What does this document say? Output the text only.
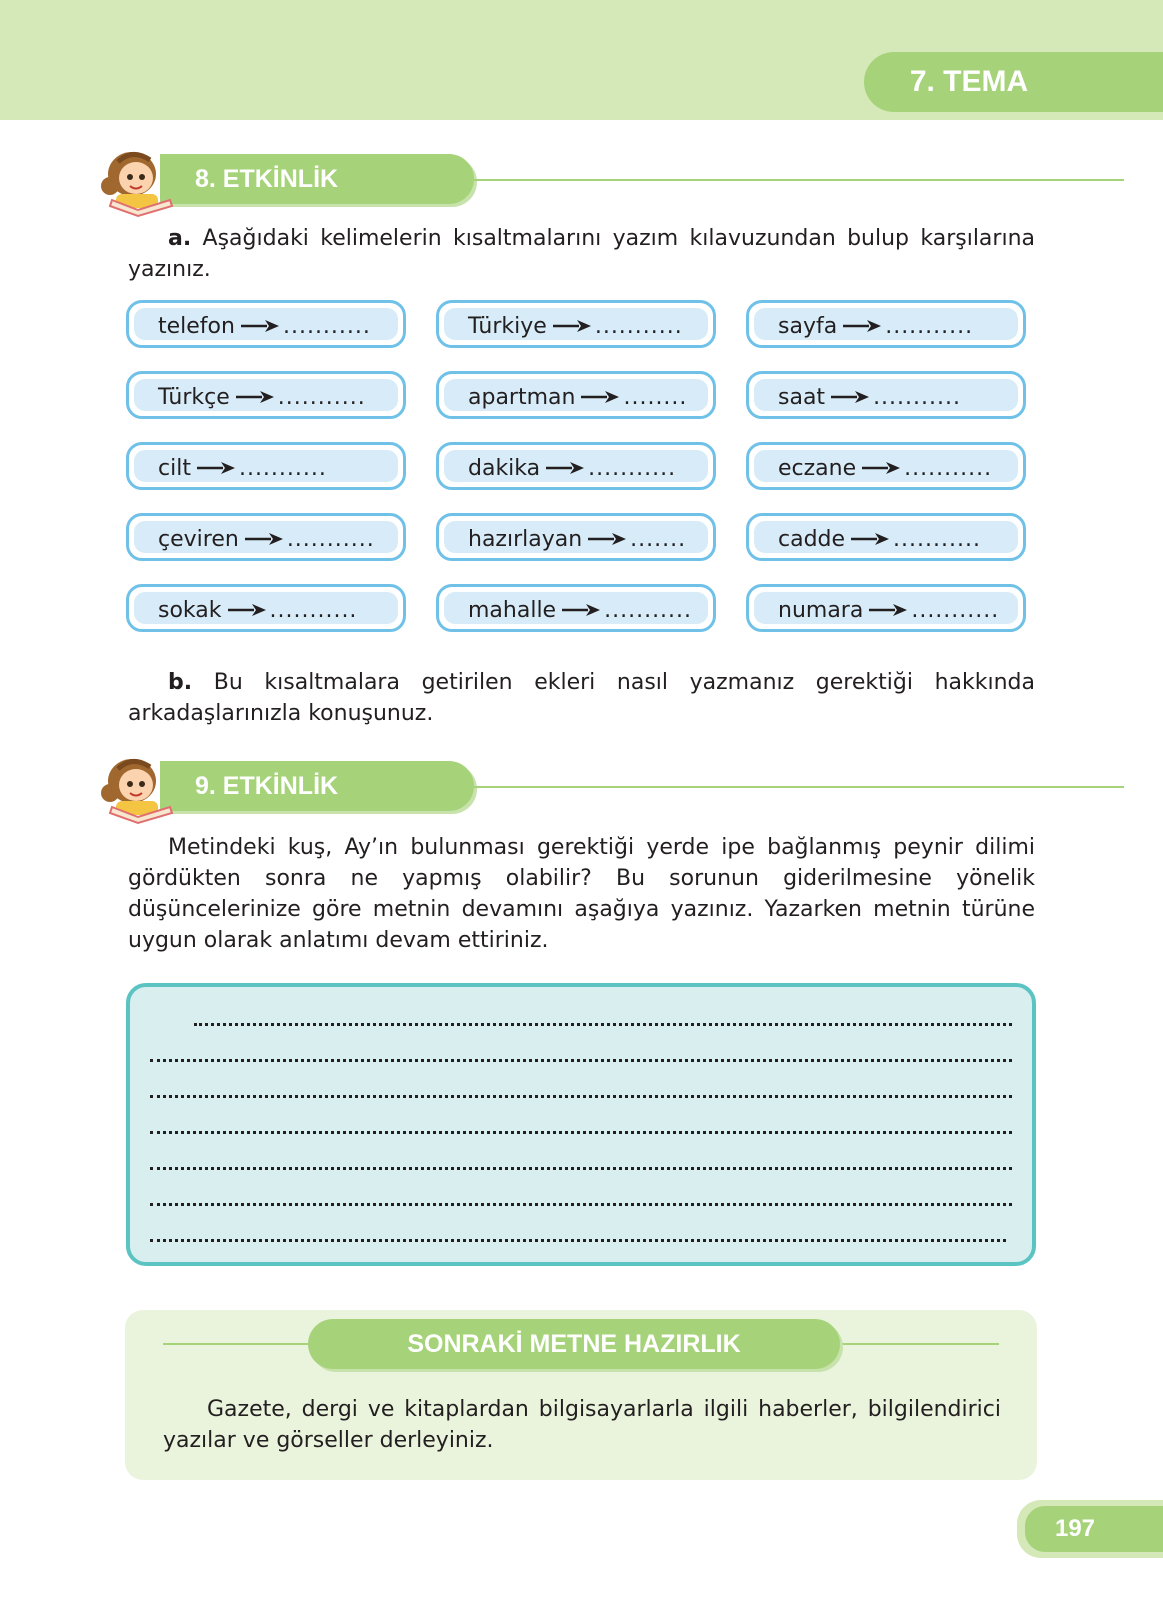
7. TEMA
8. ETKİNLİK

a. Aşağıdaki kelimelerin kısaltmalarını yazım kılavuzundan bulup karşılarına yazınız.

telefon ...........	Türkiye ...........	sayfa ...........
Türkçe ...........	apartman ........	saat ...........
cilt ...........	dakika ...........	eczane ...........
çeviren ...........	hazırlayan .......	cadde ...........
sokak ...........	mahalle ...........	numara ...........

b. Bu kısaltmalara getirilen ekleri nasıl yazmanız gerektiği hakkında arkadaşlarınızla konuşunuz.

9. ETKİNLİK

Metindeki kuş, Ay’ın bulunması gerektiği yerde ipe bağlanmış peynir dilimi gördükten sonra ne yapmış olabilir? Bu sorunun giderilmesine yönelik düşüncelerinize göre metnin devamını aşağıya yazınız. Yazarken metnin türüne uygun olarak anlatımı devam ettiriniz.

SONRAKİ METNE HAZIRLIK

Gazete, dergi ve kitaplardan bilgisayarlarla ilgili haberler, bilgilendirici yazılar ve görseller derleyiniz.

197
